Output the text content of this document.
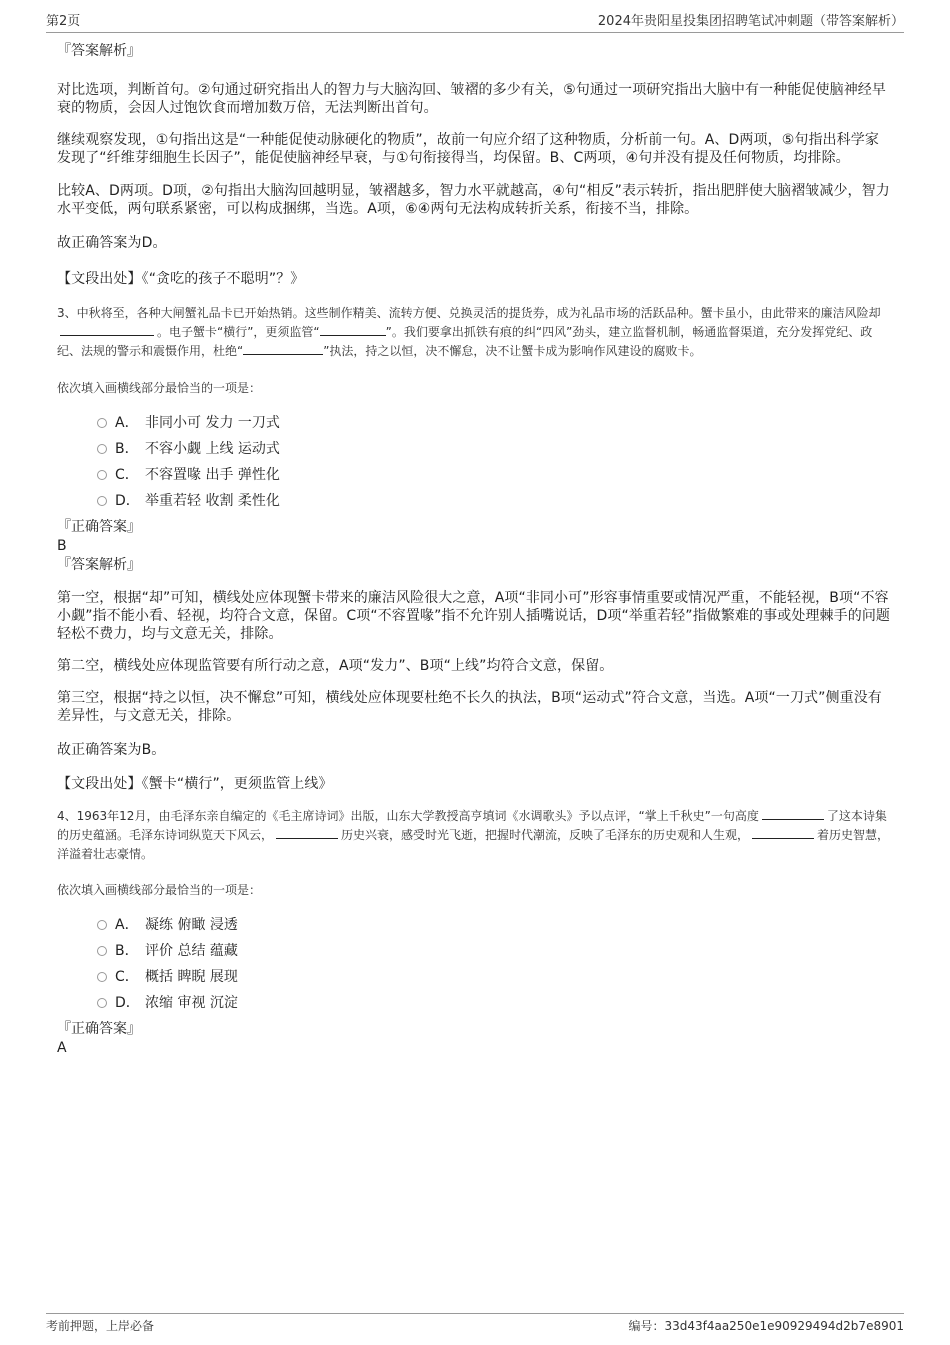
第2页	2024年贵阳星投集团招聘笔试冲刺题（带答案解析）

『答案解析』

对比选项，判断首句。②句通过研究指出人的智力与大脑沟回、皱褶的多少有关，⑤句通过一项研究指出大脑中有一种能促使脑神经早衰的物质，会因人过饱饮食而增加数万倍，无法判断出首句。

继续观察发现，①句指出这是“一种能促使动脉硬化的物质”，故前一句应介绍了这种物质，分析前一句。A、D两项，⑤句指出科学家发现了“纤维芽细胞生长因子”，能促使脑神经早衰，与①句衔接得当，均保留。B、C两项，④句并没有提及任何物质，均排除。

比较A、D两项。D项，②句指出大脑沟回越明显，皱褶越多，智力水平就越高，④句“相反”表示转折，指出肥胖使大脑褶皱减少，智力水平变低，两句联系紧密，可以构成捆绑，当选。A项，⑥④两句无法构成转折关系，衔接不当，排除。

故正确答案为D。

【文段出处】《“贪吃的孩子不聪明”？》

3、中秋将至，各种大闸蟹礼品卡已开始热销。这些制作精美、流转方便、兑换灵活的提货券，成为礼品市场的活跃品种。蟹卡虽小，由此带来的廉洁风险却。电子蟹卡“横行”，更须监管“	”。我们要拿出抓铁有痕的纠“四风”劲头，建立监督机制，畅通监督渠道，充分发挥党纪、政纪、法规的警示和震慑作用，杜绝“	”执法，持之以恒，决不懈怠，决不让蟹卡成为影响作风建设的腐败卡。

依次填入画横线部分最恰当的一项是：

A． 非同小可 发力 一刀式
B． 不容小觑 上线 运动式
C． 不容置喙 出手 弹性化
D． 举重若轻 收割 柔性化

『正确答案』

B

『答案解析』

第一空，根据“却”可知，横线处应体现蟹卡带来的廉洁风险很大之意，A项“非同小可”形容事情重要或情况严重，不能轻视，B项“不容小觑”指不能小看、轻视，均符合文意，保留。C项“不容置喙”指不允许别人插嘴说话，D项“举重若轻”指做繁难的事或处理棘手的问题轻松不费力，均与文意无关，排除。

第二空，横线处应体现监管要有所行动之意，A项“发力”、B项“上线”均符合文意，保留。

第三空，根据“持之以恒，决不懈怠”可知，横线处应体现要杜绝不长久的执法，B项“运动式”符合文意，当选。A项“一刀式”侧重没有差异性，与文意无关，排除。

故正确答案为B。

【文段出处】《蟹卡“横行”，更须监管上线》

4、1963年12月，由毛泽东亲自编定的《毛主席诗词》出版，山东大学教授高亨填词《水调歌头》予以点评，“掌上千秋史”一句高度	了这本诗集的历史蕴涵。毛泽东诗词纵览天下风云，	历史兴衰，感受时光飞逝，把握时代潮流，反映了毛泽东的历史观和人生观，	着历史智慧，洋溢着壮志豪情。

依次填入画横线部分最恰当的一项是：

A． 凝练 俯瞰 浸透
B． 评价 总结 蕴藏
C． 概括 睥睨 展现
D． 浓缩 审视 沉淀

『正确答案』

A

考前押题，上岸必备	编号：33d43f4aa250e1e90929494d2b7e8901
